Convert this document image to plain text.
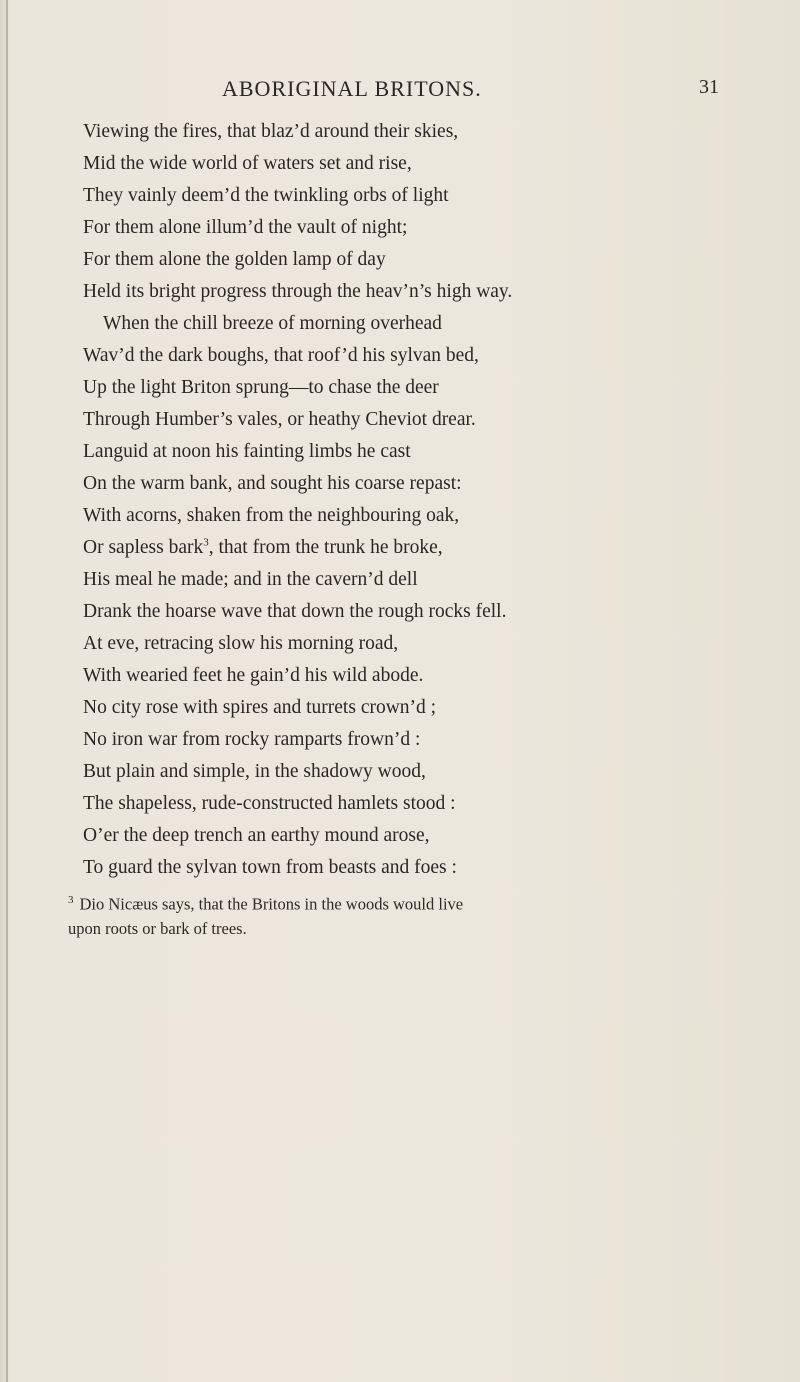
ABORIGINAL BRITONS.	31
Viewing the fires, that blaz’d around their skies,
Mid the wide world of waters set and rise,
They vainly deem’d the twinkling orbs of light
For them alone illum’d the vault of night;
For them alone the golden lamp of day
Held its bright progress through the heav’n’s high way.
When the chill breeze of morning overhead
Wav’d the dark boughs, that roof’d his sylvan bed,
Up the light Briton sprung—to chase the deer
Through Humber’s vales, or heathy Cheviot drear.
Languid at noon his fainting limbs he cast
On the warm bank, and sought his coarse repast:
With acorns, shaken from the neighbouring oak,
Or sapless bark$^3$, that from the trunk he broke,
His meal he made; and in the cavern’d dell
Drank the hoarse wave that down the rough rocks fell.
At eve, retracing slow his morning road,
With wearied feet he gain’d his wild abode.
No city rose with spires and turrets crown’d ;
No iron war from rocky ramparts frown’d :
But plain and simple, in the shadowy wood,
The shapeless, rude-constructed hamlets stood :
O’er the deep trench an earthy mound arose,
To guard the sylvan town from beasts and foes :
$^3$ Dio Nicæus says, that the Britons in the woods would live
upon roots or bark of trees.
